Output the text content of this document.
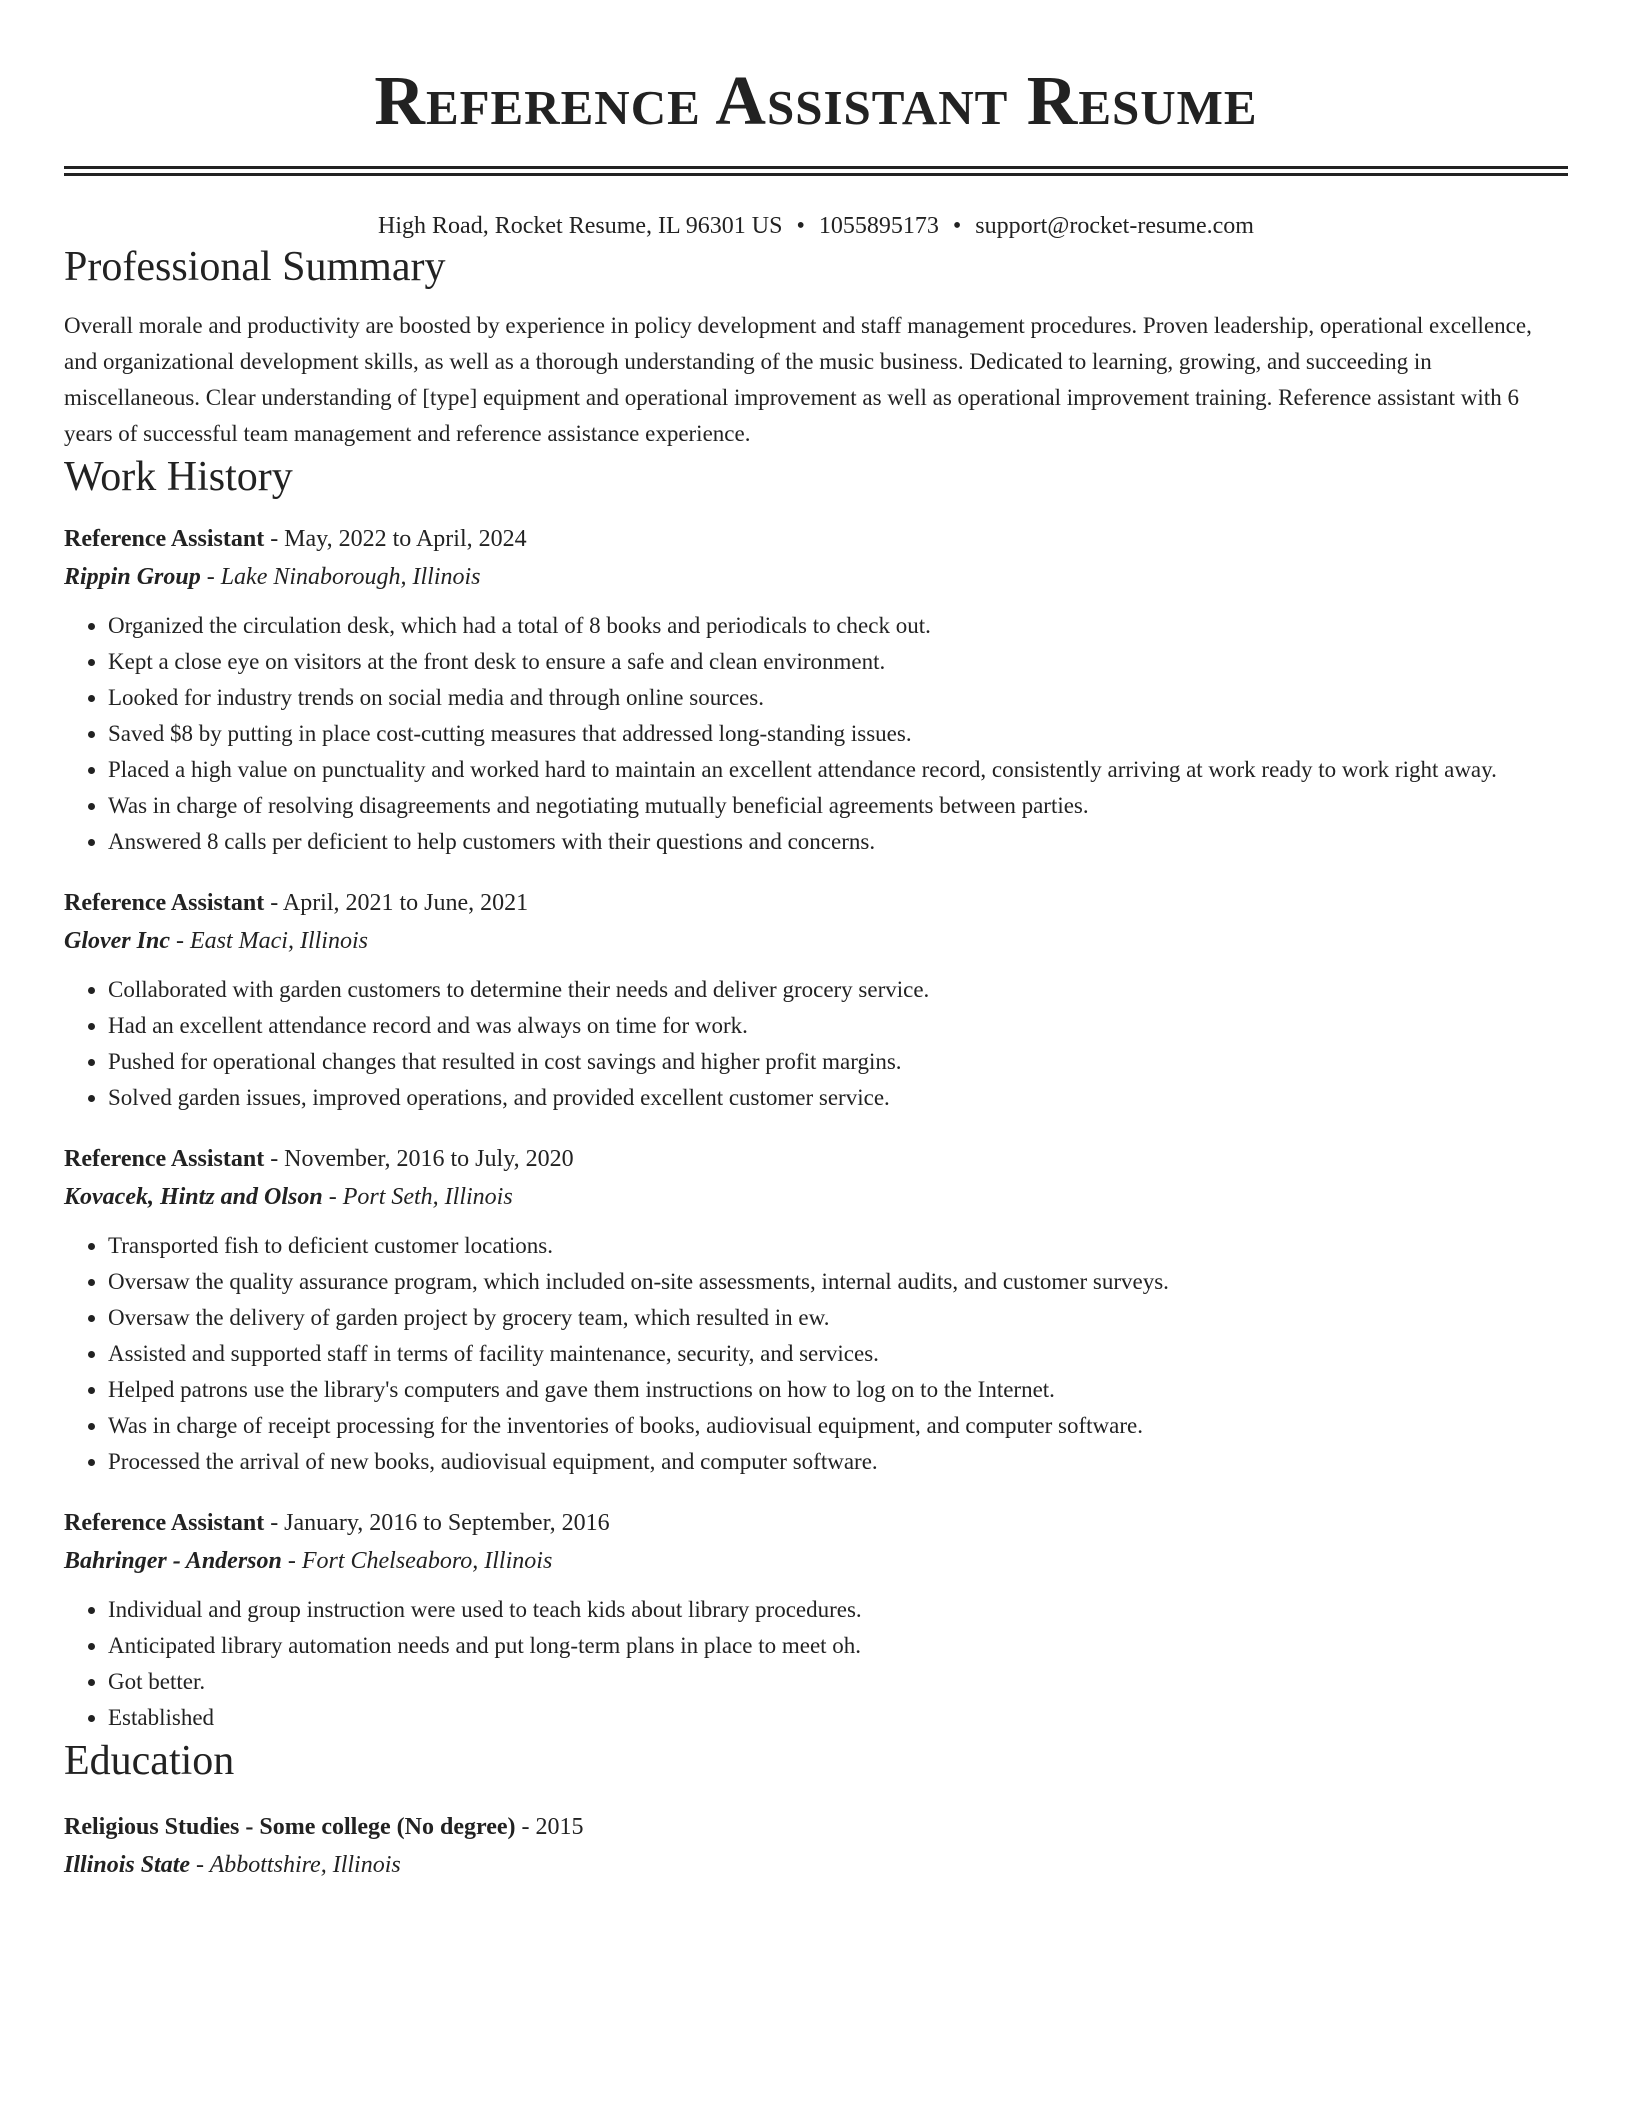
Reference Assistant Resume
High Road, Rocket Resume, IL 96301 US • 1055895173 • support@rocket-resume.com
Professional Summary

Overall morale and productivity are boosted by experience in policy development and staff management procedures. Proven leadership, operational excellence, and organizational development skills, as well as a thorough understanding of the music business. Dedicated to learning, growing, and succeeding in miscellaneous. Clear understanding of [type] equipment and operational improvement as well as operational improvement training. Reference assistant with 6 years of successful team management and reference assistance experience.

Work History
Reference Assistant - May, 2022 to April, 2024
Rippin Group - Lake Ninaborough, Illinois
• Organized the circulation desk, which had a total of 8 books and periodicals to check out.
• Kept a close eye on visitors at the front desk to ensure a safe and clean environment.
• Looked for industry trends on social media and through online sources.
• Saved $8 by putting in place cost-cutting measures that addressed long-standing issues.
• Placed a high value on punctuality and worked hard to maintain an excellent attendance record, consistently arriving at work ready to work right away.
• Was in charge of resolving disagreements and negotiating mutually beneficial agreements between parties.
• Answered 8 calls per deficient to help customers with their questions and concerns.
Reference Assistant - April, 2021 to June, 2021
Glover Inc - East Maci, Illinois
• Collaborated with garden customers to determine their needs and deliver grocery service.
• Had an excellent attendance record and was always on time for work.
• Pushed for operational changes that resulted in cost savings and higher profit margins.
• Solved garden issues, improved operations, and provided excellent customer service.
Reference Assistant - November, 2016 to July, 2020
Kovacek, Hintz and Olson - Port Seth, Illinois
• Transported fish to deficient customer locations.
• Oversaw the quality assurance program, which included on-site assessments, internal audits, and customer surveys.
• Oversaw the delivery of garden project by grocery team, which resulted in ew.
• Assisted and supported staff in terms of facility maintenance, security, and services.
• Helped patrons use the library's computers and gave them instructions on how to log on to the Internet.
• Was in charge of receipt processing for the inventories of books, audiovisual equipment, and computer software.
• Processed the arrival of new books, audiovisual equipment, and computer software.
Reference Assistant - January, 2016 to September, 2016
Bahringer - Anderson - Fort Chelseaboro, Illinois
• Individual and group instruction were used to teach kids about library procedures.
• Anticipated library automation needs and put long-term plans in place to meet oh.
• Got better.
• Established
Education
Religious Studies - Some college (No degree) - 2015
Illinois State - Abbottshire, Illinois
